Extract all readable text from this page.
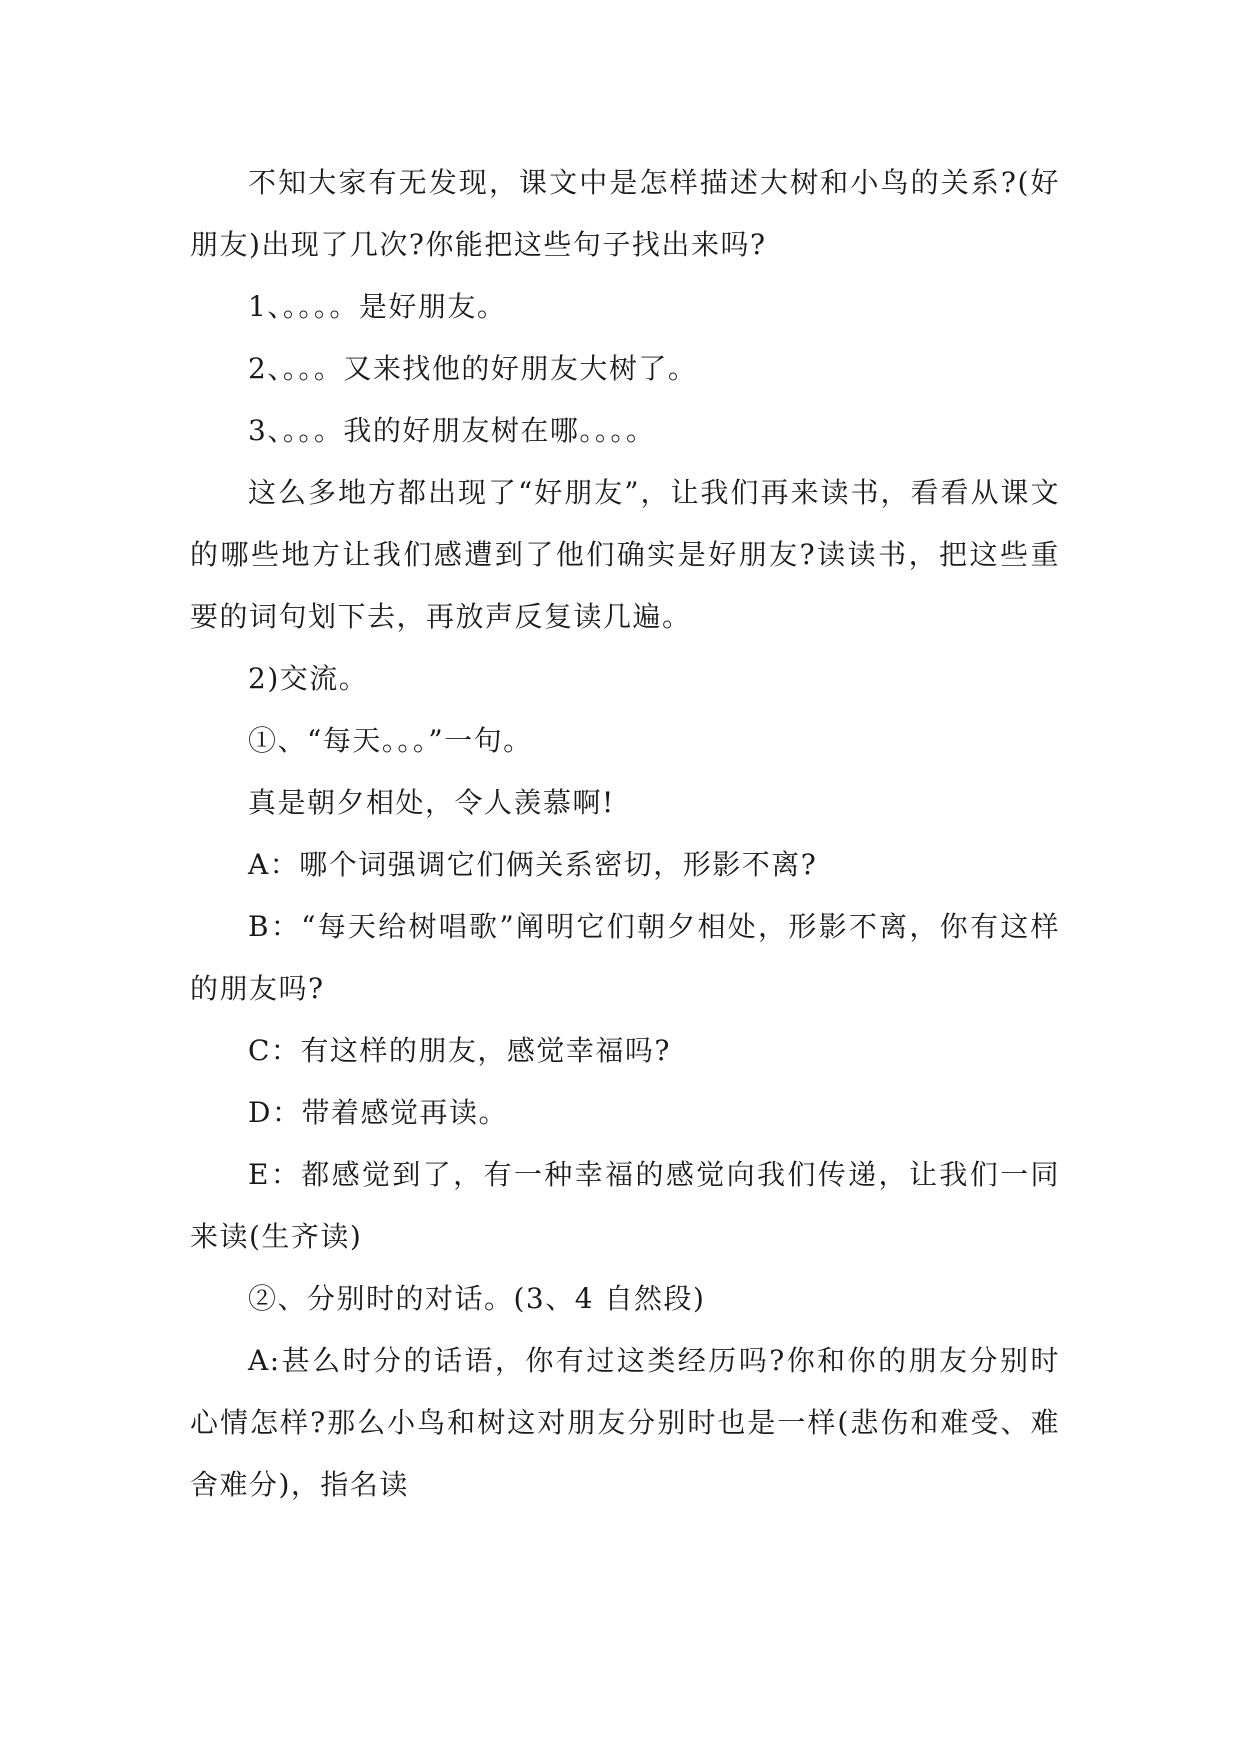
不知大家有无发现，课文中是怎样描述大树和小鸟的关系?(好朋友)出现了几次?你能把这些句子找出来吗?

1、。。。。是好朋友。

2、。。。又来找他的好朋友大树了。

3、。。。我的好朋友树在哪。。。。

这么多地方都出现了“好朋友”，让我们再来读书，看看从课文的哪些地方让我们感遭到了他们确实是好朋友?读读书，把这些重要的词句划下去，再放声反复读几遍。

2)交流。

①、“每天。。。”一句。

真是朝夕相处，令人羡慕啊!

A：哪个词强调它们俩关系密切，形影不离?

B：“每天给树唱歌”阐明它们朝夕相处，形影不离，你有这样的朋友吗?

C：有这样的朋友，感觉幸福吗?

D：带着感觉再读。

E：都感觉到了，有一种幸福的感觉向我们传递，让我们一同来读(生齐读)

②、分别时的对话。(3、4 自然段)

A:甚么时分的话语，你有过这类经历吗?你和你的朋友分别时心情怎样?那么小鸟和树这对朋友分别时也是一样(悲伤和难受、难舍难分)，指名读
